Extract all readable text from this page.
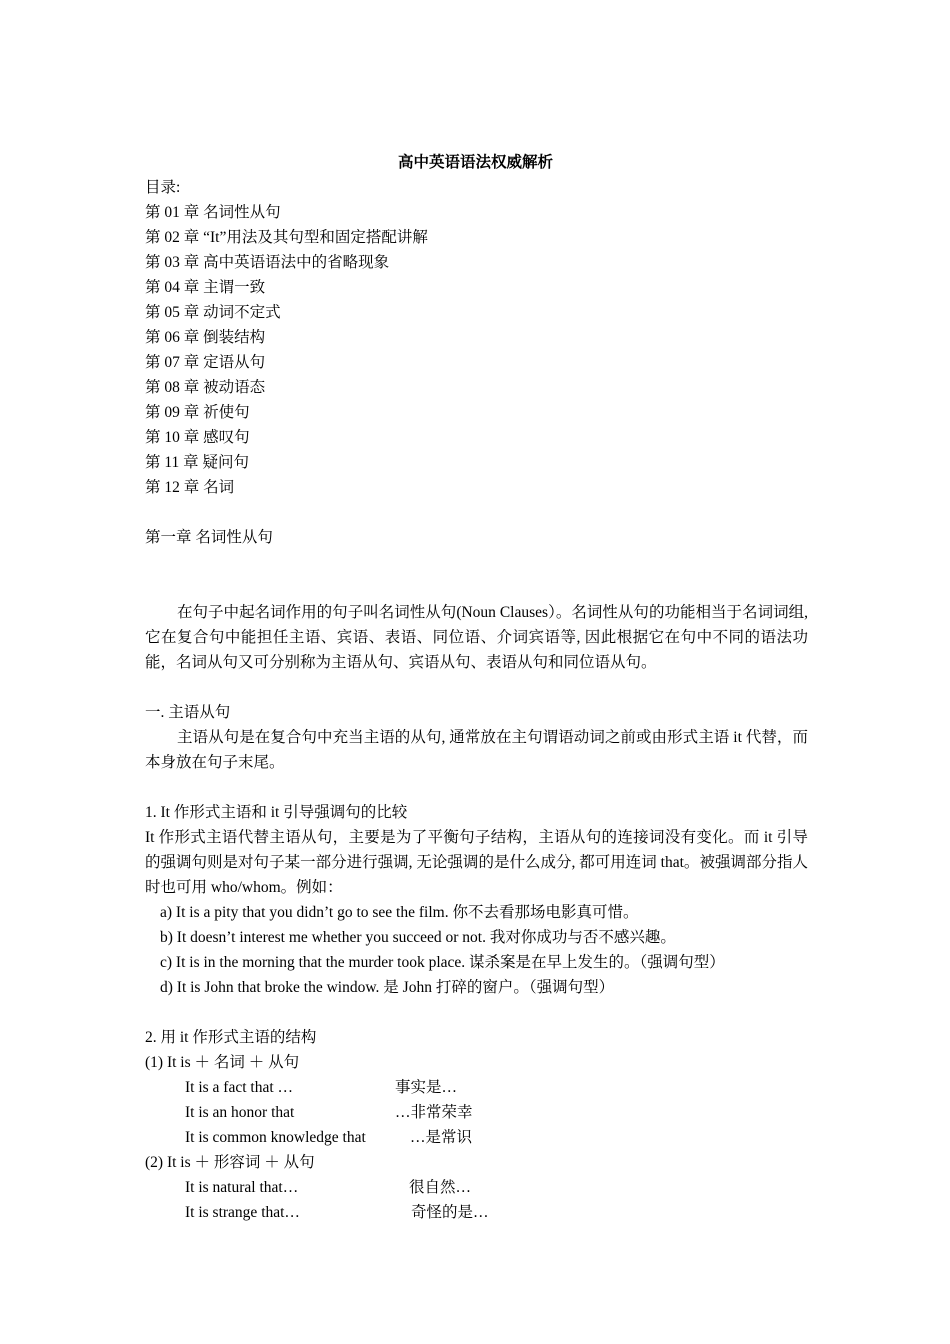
高中英语语法权威解析
目录:
第 01 章 名词性从句
第 02 章 “It”用法及其句型和固定搭配讲解
第 03 章 高中英语语法中的省略现象
第 04 章 主谓一致
第 05 章 动词不定式
第 06 章 倒装结构
第 07 章 定语从句
第 08 章 被动语态
第 09 章 祈使句
第 10 章 感叹句
第 11 章 疑问句
第 12 章 名词
第一章 名词性从句

在句子中起名词作用的句子叫名词性从句(Noun Clauses）。名词性从句的功能相当于名词词组, 它在复合句中能担任主语、宾语、表语、同位语、介词宾语等, 因此根据它在句中不同的语法功能，名词从句又可分别称为主语从句、宾语从句、表语从句和同位语从句。

一. 主语从句

主语从句是在复合句中充当主语的从句, 通常放在主句谓语动词之前或由形式主语 it 代替，而本身放在句子末尾。

1. It 作形式主语和 it 引导强调句的比较

It 作形式主语代替主语从句，主要是为了平衡句子结构，主语从句的连接词没有变化。而 it 引导的强调句则是对句子某一部分进行强调, 无论强调的是什么成分, 都可用连词 that。被强调部分指人时也可用 who/whom。例如：

a) It is a pity that you didn’t go to see the film. 你不去看那场电影真可惜。
b) It doesn’t interest me whether you succeed or not. 我对你成功与否不感兴趣。
c) It is in the morning that the murder took place. 谋杀案是在早上发生的。（强调句型）
d) It is John that broke the window. 是 John 打碎的窗户。（强调句型）
2. 用 it 作形式主语的结构
(1) It is ＋ 名词 ＋ 从句
It is a fact that …	事实是…
It is an honor that	…非常荣幸
It is common knowledge that	…是常识
(2) It is ＋ 形容词 ＋ 从句
It is natural that…	很自然…
It is strange that…	奇怪的是…
